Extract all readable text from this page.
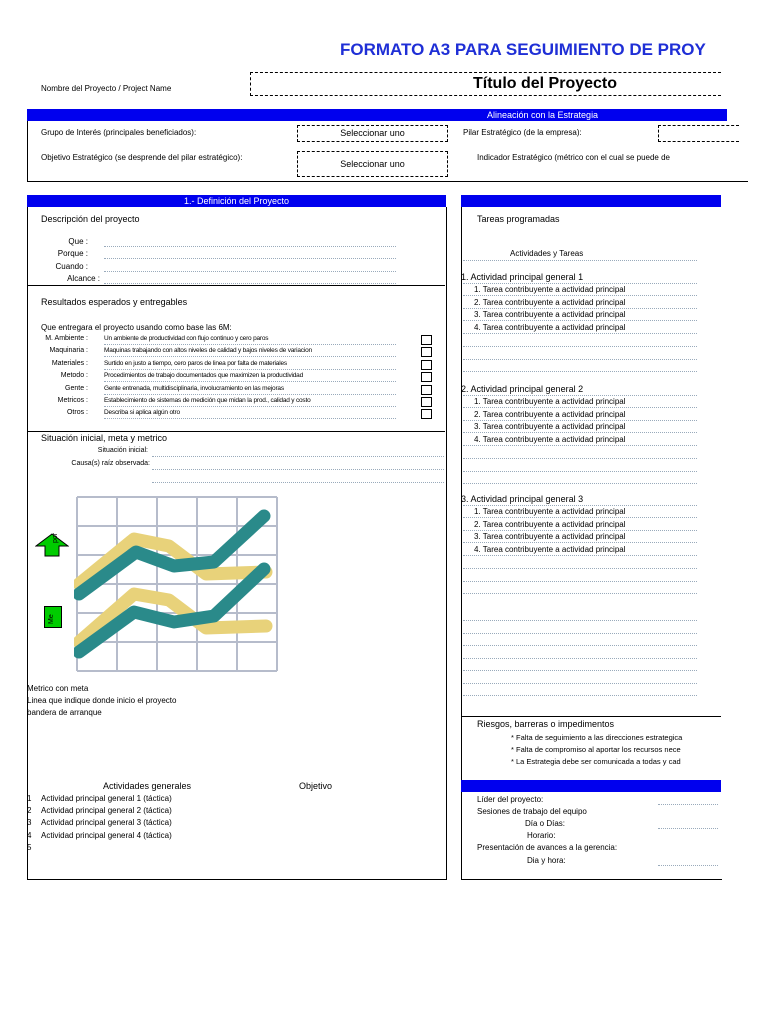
FORMATO A3 PARA SEGUIMIENTO DE PROY
Nombre del Proyecto / Project Name	Título del Proyecto
Alineación con la Estrategia
Grupo de Interés (principales beneficiados):	Seleccionar uno	Pilar Estratégico (de la empresa):
Objetivo Estratégico (se desprende del pilar estratégico):
Seleccionar uno
Indicador Estratégico (métrico con el cual se puede de
1.- Definición del Proyecto
Descripción del proyecto
Que :
Porque :
Cuando :
Alcance :
Resultados esperados y entregables
Que entregara el proyecto usando como base las 6M:
M. Ambiente : Un ambiente de productividad con flujo continuo y cero paros
Maquinaria : Maquinas trabajando con altos niveles de calidad y bajos niveles de variacion
Materiales : Surtido en justo a tiempo, cero paros de linea por falta de materiales
Metodo : Procedimientos de trabajo documentados que maximizen la productividad
Gente : Gente entrenada, multidisciplinaria, involucramiento en las mejoras
Metricos : Establecimiento de sistemas de medición que midan la prod., calidad y costo
Otros : Describa si aplica algún otro
Situación inicial, meta y metrico
Situación inicial:
Causa(s) raíz observada:
por
Me
Metrico con meta
Linea que indique donde inicio el proyecto
bandera de arranque
Actividades generales	Objetivo
1 Actividad principal general 1 (táctica)
2 Actividad principal general 2 (táctica)
3 Actividad principal general 3 (táctica)
4 Actividad principal general 4 (táctica)
5
Tareas programadas
Actividades y Tareas
1. Actividad principal general 1
1. Tarea contribuyente a actividad principal
2. Tarea contribuyente a actividad principal
3. Tarea contribuyente a actividad principal
4. Tarea contribuyente a actividad principal
2. Actividad principal general 2
1. Tarea contribuyente a actividad principal
2. Tarea contribuyente a actividad principal
3. Tarea contribuyente a actividad principal
4. Tarea contribuyente a actividad principal
3. Actividad principal general 3
1. Tarea contribuyente a actividad principal
2. Tarea contribuyente a actividad principal
3. Tarea contribuyente a actividad principal
4. Tarea contribuyente a actividad principal
Riesgos, barreras o impedimentos
* Falta de seguimiento a las direcciones estrategica
* Falta de compromiso al aportar los recursos nece
* La Estrategia debe ser comunicada a todas y cad
Líder del proyecto:
Sesiones de trabajo del equipo
Día o Días:
Horario:
Presentación de avances a la gerencia:
Dia y hora:
